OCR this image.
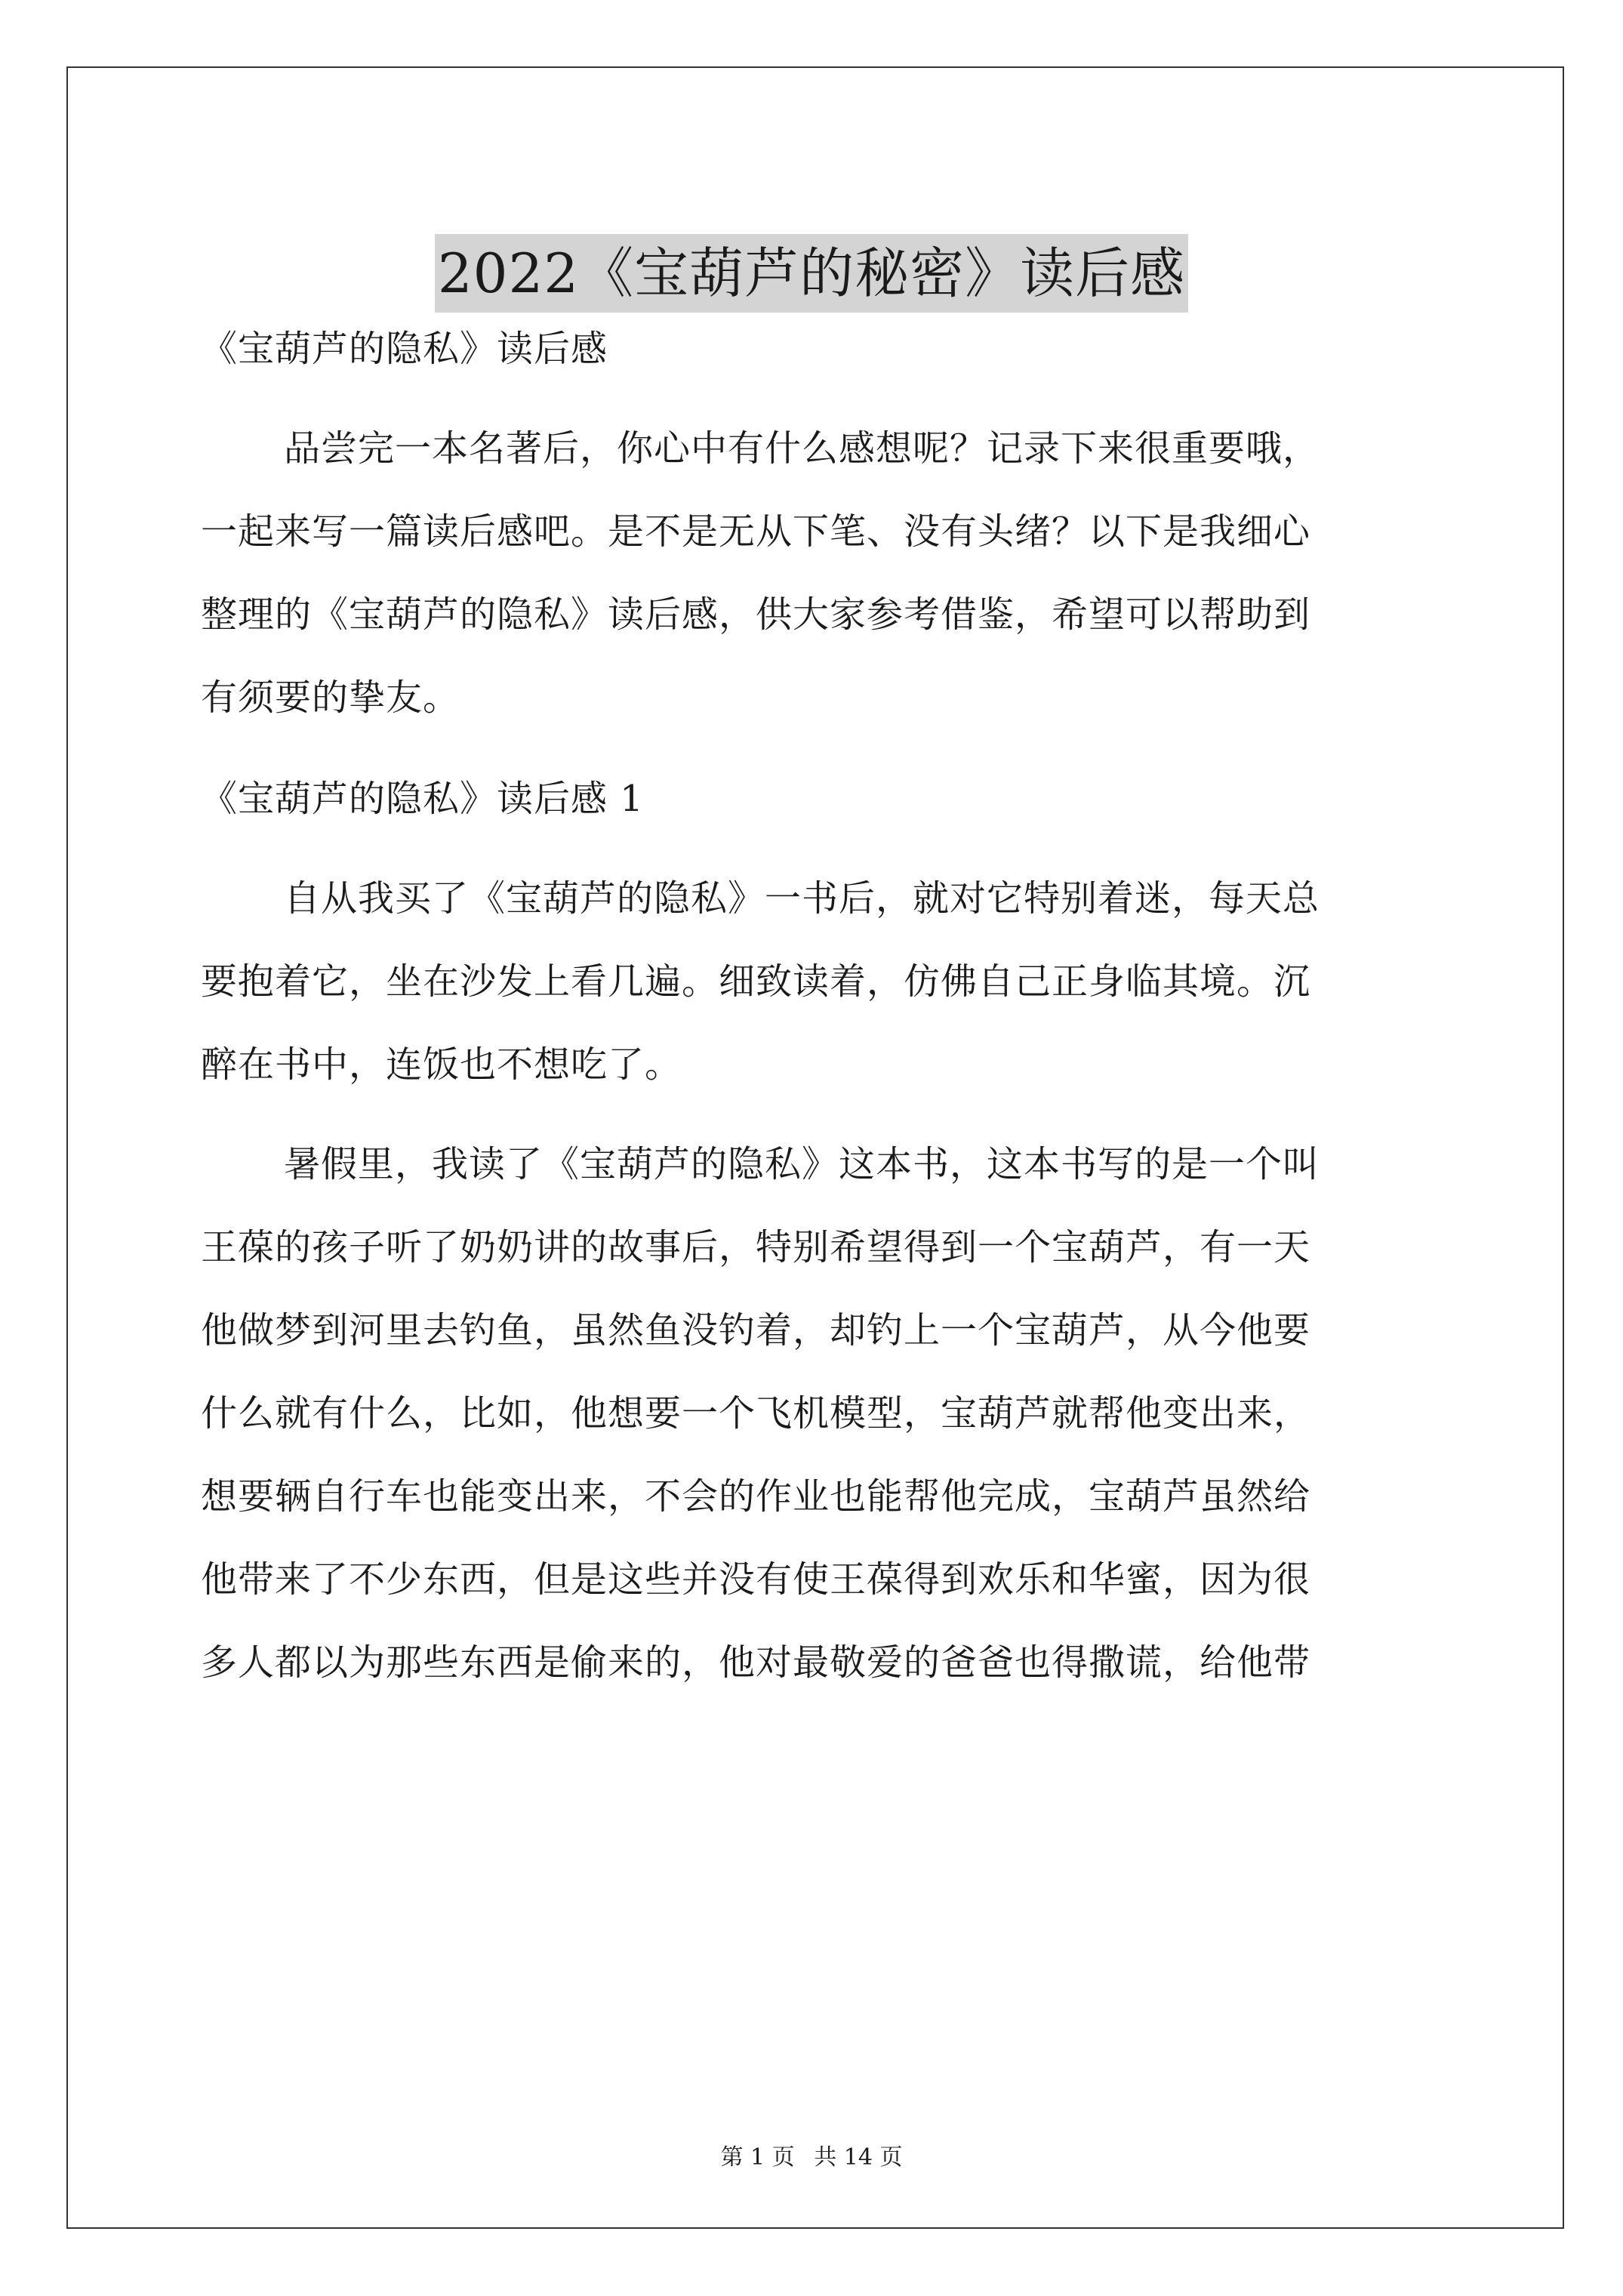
2022《宝葫芦的秘密》读后感
《宝葫芦的隐私》读后感
品尝完一本名著后，你心中有什么感想呢？记录下来很重要哦，
一起来写一篇读后感吧。是不是无从下笔、没有头绪？以下是我细心
整理的《宝葫芦的隐私》读后感，供大家参考借鉴，希望可以帮助到
有须要的挚友。
《宝葫芦的隐私》读后感 1
自从我买了《宝葫芦的隐私》一书后，就对它特别着迷，每天总
要抱着它，坐在沙发上看几遍。细致读着，仿佛自己正身临其境。沉
醉在书中，连饭也不想吃了。
暑假里，我读了《宝葫芦的隐私》这本书，这本书写的是一个叫
王葆的孩子听了奶奶讲的故事后，特别希望得到一个宝葫芦，有一天
他做梦到河里去钓鱼，虽然鱼没钓着，却钓上一个宝葫芦，从今他要
什么就有什么，比如，他想要一个飞机模型，宝葫芦就帮他变出来，
想要辆自行车也能变出来，不会的作业也能帮他完成，宝葫芦虽然给
他带来了不少东西，但是这些并没有使王葆得到欢乐和华蜜，因为很
多人都以为那些东西是偷来的，他对最敬爱的爸爸也得撒谎，给他带
第 1 页 共 14 页
